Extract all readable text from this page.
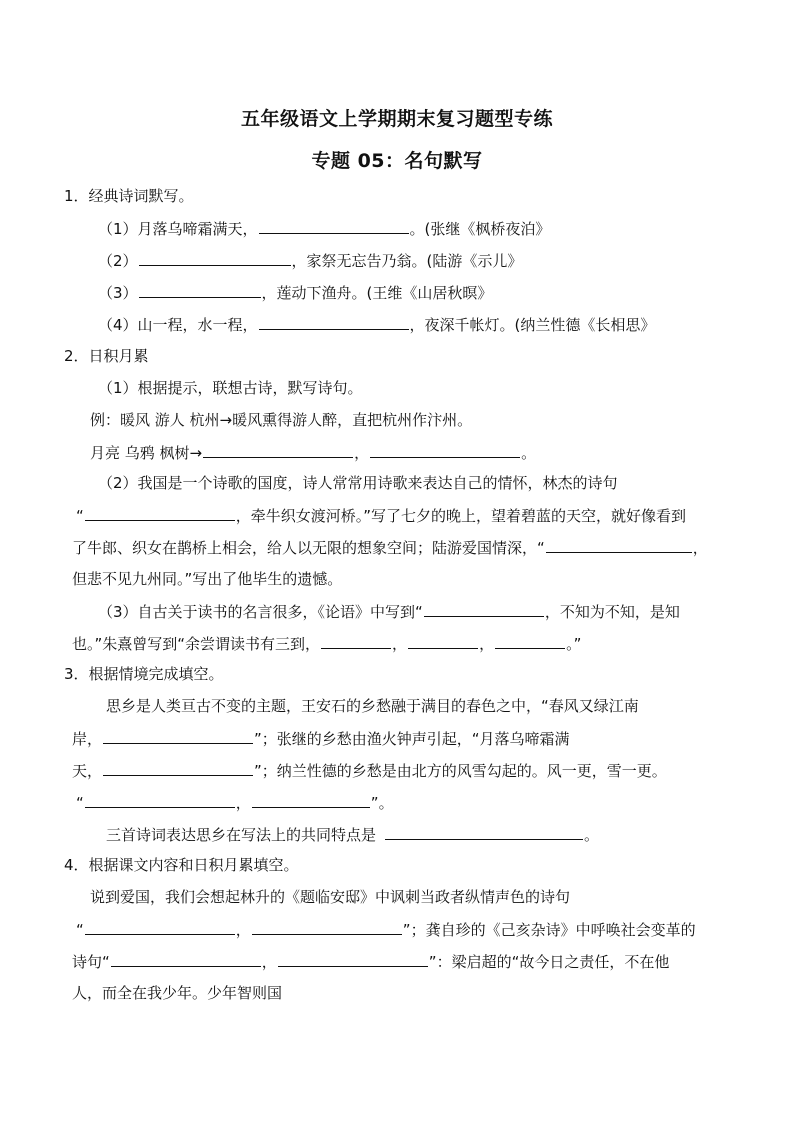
五年级语文上学期期末复习题型专练
专题 05：名句默写
1．经典诗词默写。
（1）月落乌啼霜满天，	。(张继《枫桥夜泊》
（2）	，家祭无忘告乃翁。(陆游《示儿》
（3）	，莲动下渔舟。(王维《山居秋暝》
（4）山一程，水一程，	，夜深千帐灯。(纳兰性德《长相思》
2．日积月累
（1）根据提示，联想古诗，默写诗句。
例：暖风 游人 杭州→暖风熏得游人醉，直把杭州作汴州。
月亮 乌鸦 枫树→	，	。
（2）我国是一个诗歌的国度，诗人常常用诗歌来表达自己的情怀，林杰的诗句
“	，牵牛织女渡河桥。”写了七夕的晚上，望着碧蓝的天空，就好像看到
了牛郎、织女在鹊桥上相会，给人以无限的想象空间；陆游爱国情深，“	，
但悲不见九州同。”写出了他毕生的遗憾。
（3）自古关于读书的名言很多，《论语》中写到“	，不知为不知，是知
也。”朱熹曾写到“余尝谓读书有三到，	，	，	。”
3．根据情境完成填空。
思乡是人类亘古不变的主题，王安石的乡愁融于满目的春色之中，“春风又绿江南
岸，	”；张继的乡愁由渔火钟声引起，“月落乌啼霜满
天，	”；纳兰性德的乡愁是由北方的风雪勾起的。风一更，雪一更。
“	，	”。
三首诗词表达思乡在写法上的共同特点是	。
4．根据课文内容和日积月累填空。
说到爱国，我们会想起林升的《题临安邸》中讽刺当政者纵情声色的诗句
“	，	”；龚自珍的《己亥杂诗》中呼唤社会变革的
诗句“	，	”：梁启超的“故今日之责任，不在他
人，而全在我少年。少年智则国
